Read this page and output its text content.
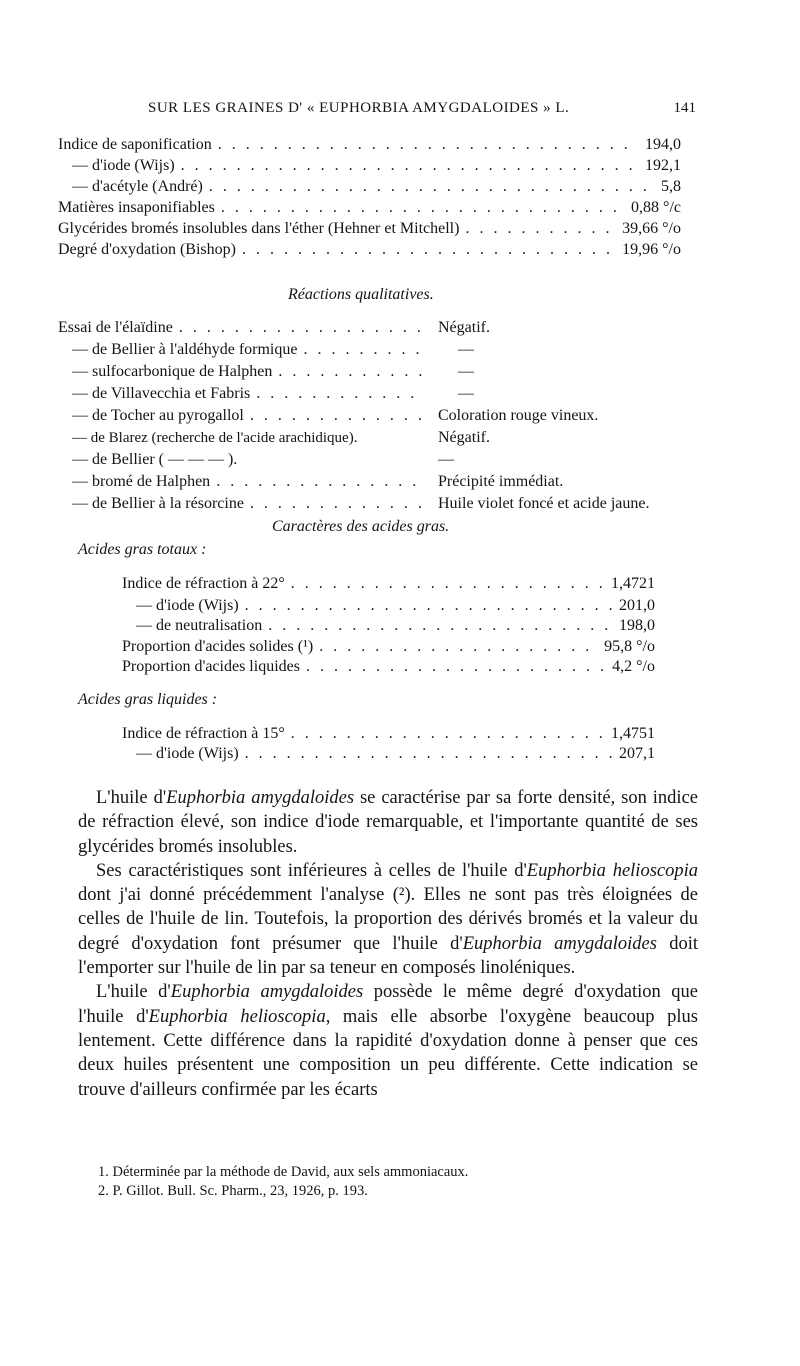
SUR LES GRAINES D' « EUPHORBIA AMYGDALOIDES » L.	141
Indice de saponification . . .	194,0
— d'iode (Wijs) . . .	192,1
— d'acétyle (André) . . .	5,8
Matières insaponifiables . . .	0,88 °/c
Glycérides bromés insolubles dans l'éther (Hehner et Mitchell) . . .	39,66 °/o
Degré d'oxydation (Bishop) . . .	19,96 °/o
Réactions qualitatives.
Essai de l'élaïdine . . .	Négatif.
— de Bellier à l'aldéhyde formique . . .	—
— sulfocarbonique de Halphen . . .	—
— de Villavecchia et Fabris . . .	—
— de Tocher au pyrogallol . . .	Coloration rouge vineux.
— de Blarez (recherche de l'acide arachidique).	Négatif.
— de Bellier ( — — — ).	—
— bromé de Halphen . . .	Précipité immédiat.
— de Bellier à la résorcine . . .	Huile violet foncé et acide jaune.
Caractères des acides gras.
Acides gras totaux :
Indice de réfraction à 22° . . .	1,4721
— d'iode (Wijs) . . .	201,0
— de neutralisation . . .	198,0
Proportion d'acides solides (¹) . . .	95,8 °/o
Proportion d'acides liquides . . .	4,2 °/o
Acides gras liquides :
Indice de réfraction à 15° . . .	1,4751
— d'iode (Wijs) . . .	207,1

L'huile d'Euphorbia amygdaloides se caractérise par sa forte densité, son indice de réfraction élevé, son indice d'iode remarquable, et l'importante quantité de ses glycérides bromés insolubles.

Ses caractéristiques sont inférieures à celles de l'huile d'Euphorbia helioscopia dont j'ai donné précédemment l'analyse (²). Elles ne sont pas très éloignées de celles de l'huile de lin. Toutefois, la proportion des dérivés bromés et la valeur du degré d'oxydation font présumer que l'huile d'Euphorbia amygdaloides doit l'emporter sur l'huile de lin par sa teneur en composés linoléniques.

L'huile d'Euphorbia amygdaloides possède le même degré d'oxydation que l'huile d'Euphorbia helioscopia, mais elle absorbe l'oxygène beaucoup plus lentement. Cette différence dans la rapidité d'oxydation donne à penser que ces deux huiles présentent une composition un peu différente. Cette indication se trouve d'ailleurs confirmée par les écarts

1. Déterminée par la méthode de David, aux sels ammoniacaux.
2. P. Gillot. Bull. Sc. Pharm., 23, 1926, p. 193.
